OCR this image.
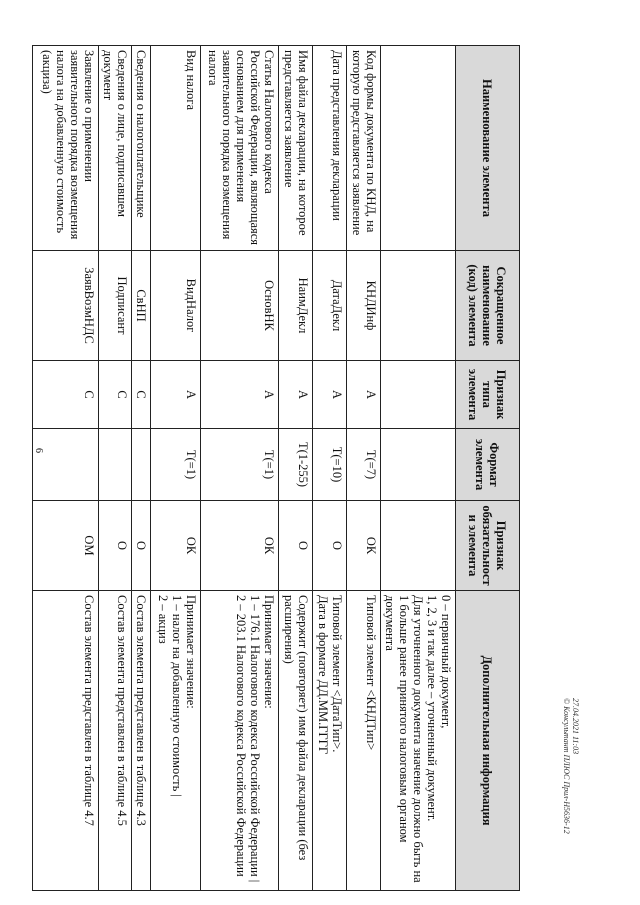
6
27.04.2021 11:03
© Консультант ПЛЮС Прил-Н5636-12
Наименование элемента	Сокращенное наименование (код) элемента	Признак типа элемента	Формат элемента	Признак обязательности элемента	Дополнительная информация
					0 – первичный документ,
1, 2, 3 и так далее – уточненный документ.
Для уточненного документа значение должно быть на 1 больше ранее принятого налоговым органом документа
Код формы документа по КНД, на которую представляется заявление	КНДИнф	А	T(=7)	ОК	Типовой элемент <КНДТип>
Дата представления декларации	ДатаДекл	А	T(=10)	О	Типовой элемент <ДатаТип>.
Дата в формате ДД.ММ.ГГГГ
Имя файла декларации, на которое представляется заявление	НаимДекл	А	T(1-255)	О	Содержит (повторяет) имя файла декларации (без расширения)
Статья Налогового кодекса Российской Федерации, являющаяся основанием для применения заявительного порядка возмещения налога	ОсновНК	А	T(=1)	ОК	Принимает значение:
1 – 176.1 Налогового кодекса Российской Федерации |
2 – 203.1 Налогового кодекса Российской Федерации
Вид налога	ВидНалог	А	T(=1)	ОК	Принимает значение:
1 – налог на добавленную стоимость |
2 – акциз
Сведения о налогоплательщике	СвНП	С		О	Состав элемента представлен в таблице 4.3
Сведения о лице, подписавшем документ	Подписант	С		О	Состав элемента представлен в таблице 4.5
Заявление о применении заявительного порядка возмещения налога на добавленную стоимость (акциза)	ЗаявВозмНДС	С		ОМ	Состав элемента представлен в таблице 4.7
